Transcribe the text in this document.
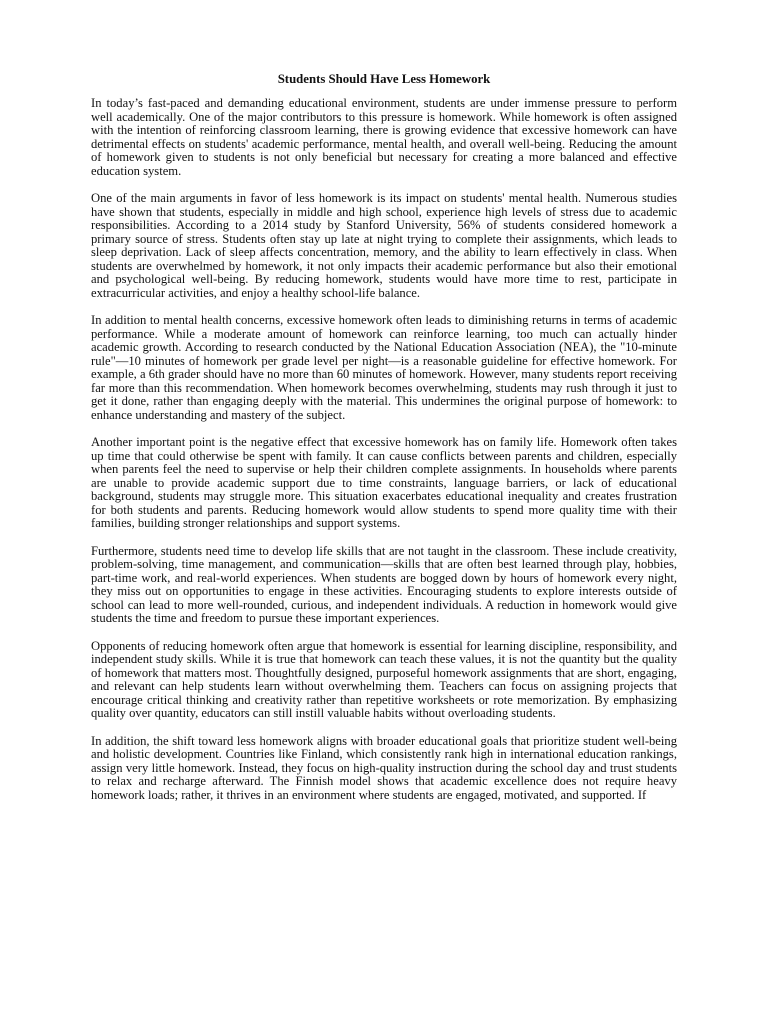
Students Should Have Less Homework

In today’s fast-paced and demanding educational environment, students are under immense pressure to perform well academically. One of the major contributors to this pressure is homework. While homework is often assigned with the intention of reinforcing classroom learning, there is growing evidence that excessive homework can have detrimental effects on students' academic performance, mental health, and overall well-being. Reducing the amount of homework given to students is not only beneficial but necessary for creating a more balanced and effective education system.

One of the main arguments in favor of less homework is its impact on students' mental health. Numerous studies have shown that students, especially in middle and high school, experience high levels of stress due to academic responsibilities. According to a 2014 study by Stanford University, 56% of students considered homework a primary source of stress. Students often stay up late at night trying to complete their assignments, which leads to sleep deprivation. Lack of sleep affects concentration, memory, and the ability to learn effectively in class. When students are overwhelmed by homework, it not only impacts their academic performance but also their emotional and psychological well-being. By reducing homework, students would have more time to rest, participate in extracurricular activities, and enjoy a healthy school-life balance.

In addition to mental health concerns, excessive homework often leads to diminishing returns in terms of academic performance. While a moderate amount of homework can reinforce learning, too much can actually hinder academic growth. According to research conducted by the National Education Association (NEA), the "10-minute rule"—10 minutes of homework per grade level per night—is a reasonable guideline for effective homework. For example, a 6th grader should have no more than 60 minutes of homework. However, many students report receiving far more than this recommendation. When homework becomes overwhelming, students may rush through it just to get it done, rather than engaging deeply with the material. This undermines the original purpose of homework: to enhance understanding and mastery of the subject.

Another important point is the negative effect that excessive homework has on family life. Homework often takes up time that could otherwise be spent with family. It can cause conflicts between parents and children, especially when parents feel the need to supervise or help their children complete assignments. In households where parents are unable to provide academic support due to time constraints, language barriers, or lack of educational background, students may struggle more. This situation exacerbates educational inequality and creates frustration for both students and parents. Reducing homework would allow students to spend more quality time with their families, building stronger relationships and support systems.

Furthermore, students need time to develop life skills that are not taught in the classroom. These include creativity, problem-solving, time management, and communication—skills that are often best learned through play, hobbies, part-time work, and real-world experiences. When students are bogged down by hours of homework every night, they miss out on opportunities to engage in these activities. Encouraging students to explore interests outside of school can lead to more well-rounded, curious, and independent individuals. A reduction in homework would give students the time and freedom to pursue these important experiences.

Opponents of reducing homework often argue that homework is essential for learning discipline, responsibility, and independent study skills. While it is true that homework can teach these values, it is not the quantity but the quality of homework that matters most. Thoughtfully designed, purposeful homework assignments that are short, engaging, and relevant can help students learn without overwhelming them. Teachers can focus on assigning projects that encourage critical thinking and creativity rather than repetitive worksheets or rote memorization. By emphasizing quality over quantity, educators can still instill valuable habits without overloading students.

In addition, the shift toward less homework aligns with broader educational goals that prioritize student well-being and holistic development. Countries like Finland, which consistently rank high in international education rankings, assign very little homework. Instead, they focus on high-quality instruction during the school day and trust students to relax and recharge afterward. The Finnish model shows that academic excellence does not require heavy homework loads; rather, it thrives in an environment where students are engaged, motivated, and supported. If
